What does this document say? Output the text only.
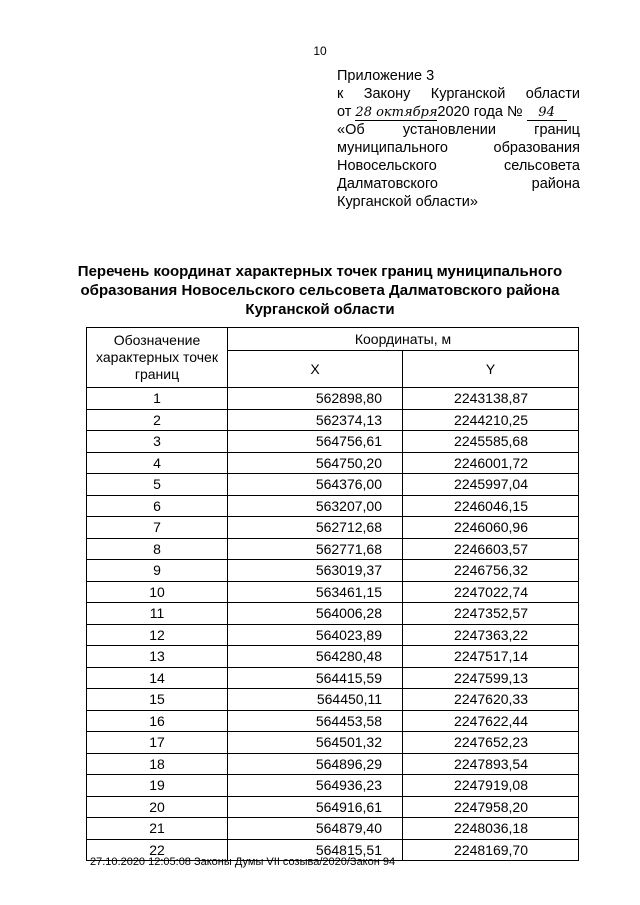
10
Приложение 3
к Закону Курганской области
от 28 октября2020 года № 94
«Об	установлении	границ
муниципального	образования
Новосельского	сельсовета
Далматовского	района
Курганской области»
Перечень координат характерных точек границ муниципального образования Новосельского сельсовета Далматовского района Курганской области
Обозначение характерных точек границ	Координаты, м	
	X	Y
1	562898,80	2243138,87
2	562374,13	2244210,25
3	564756,61	2245585,68
4	564750,20	2246001,72
5	564376,00	2245997,04
6	563207,00	2246046,15
7	562712,68	2246060,96
8	562771,68	2246603,57
9	563019,37	2246756,32
10	563461,15	2247022,74
11	564006,28	2247352,57
12	564023,89	2247363,22
13	564280,48	2247517,14
14	564415,59	2247599,13
15	564450,11	2247620,33
16	564453,58	2247622,44
17	564501,32	2247652,23
18	564896,29	2247893,54
19	564936,23	2247919,08
20	564916,61	2247958,20
21	564879,40	2248036,18
22	564815,51	2248169,70
27.10.2020 12:05:08 Законы Думы VII созыва/2020/Закон 94
